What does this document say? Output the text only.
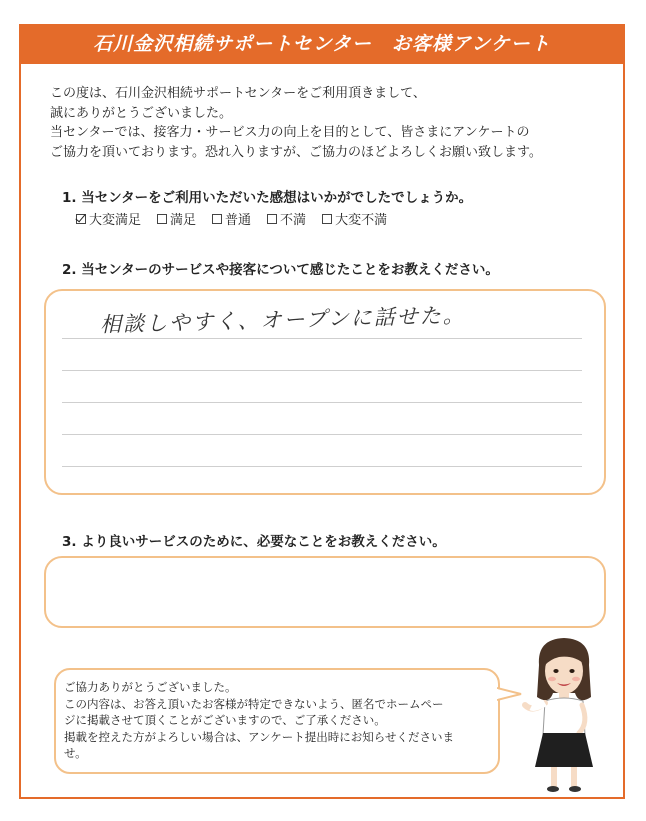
石川金沢相続サポートセンター　お客様アンケート
この度は、石川金沢相続サポートセンターをご利用頂きまして、
誠にありがとうございました。
当センターでは、接客力・サービス力の向上を目的として、皆さまにアンケートの
ご協力を頂いております。恐れ入りますが、ご協力のほどよろしくお願い致します。
1. 当センターをご利用いただいた感想はいかがでしたでしょうか。
大変満足 満足 普通 不満 大変不満
2. 当センターのサービスや接客について感じたことをお教えください。
相談しやすく、オープンに話せた。
3. より良いサービスのために、必要なことをお教えください。
ご協力ありがとうございました。
この内容は、お答え頂いたお客様が特定できないよう、匿名でホームペー
ジに掲載させて頂くことがございますので、ご了承ください。
掲載を控えた方がよろしい場合は、アンケート提出時にお知らせくださいま
せ。
